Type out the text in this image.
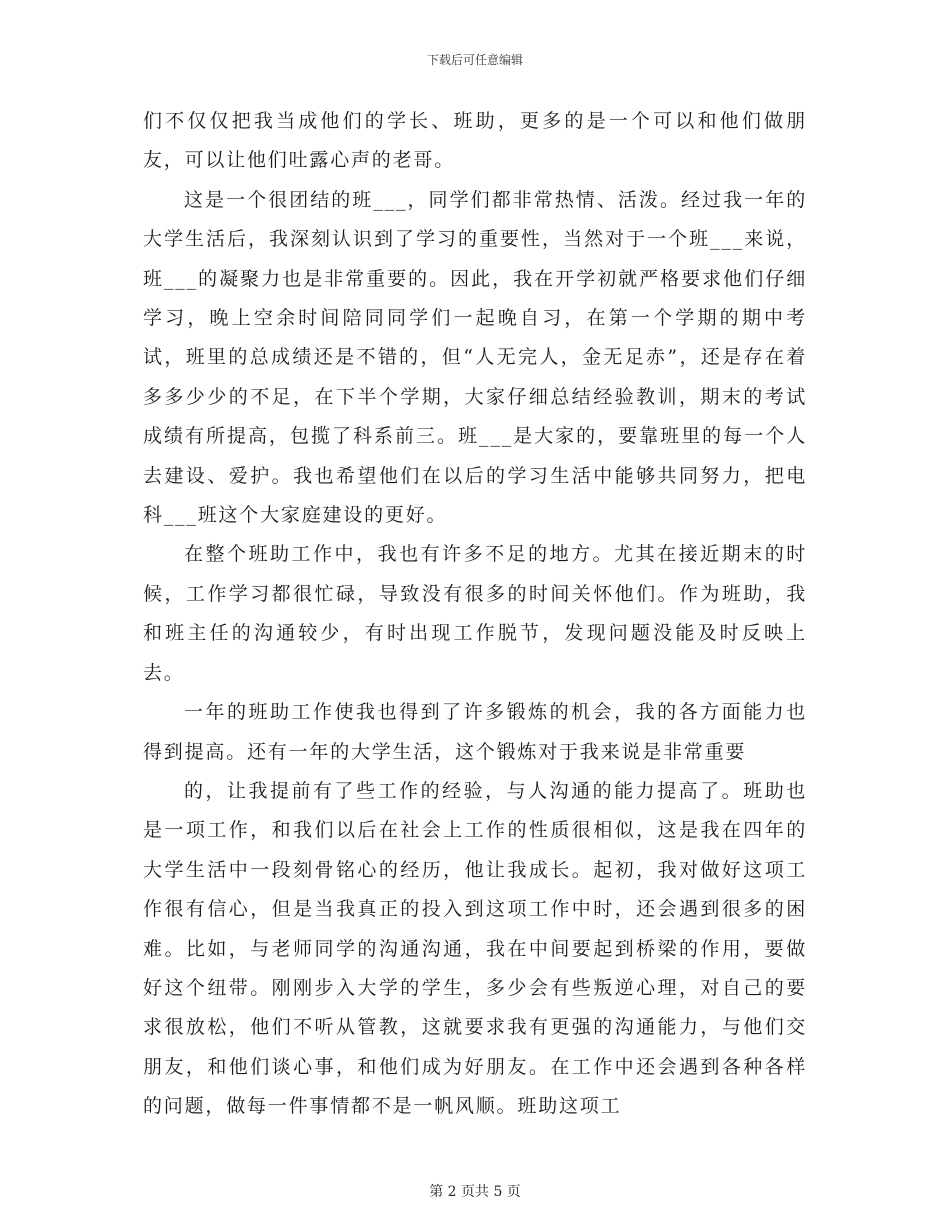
下载后可任意编辑

们不仅仅把我当成他们的学长、班助，更多的是一个可以和他们做朋友，可以让他们吐露心声的老哥。

这是一个很团结的班___，同学们都非常热情、活泼。经过我一年的大学生活后，我深刻认识到了学习的重要性，当然对于一个班___来说，班___的凝聚力也是非常重要的。因此，我在开学初就严格要求他们仔细学习，晚上空余时间陪同同学们一起晚自习，在第一个学期的期中考试，班里的总成绩还是不错的，但“人无完人，金无足赤”，还是存在着多多少少的不足，在下半个学期，大家仔细总结经验教训，期末的考试成绩有所提高，包揽了科系前三。班___是大家的，要靠班里的每一个人去建设、爱护。我也希望他们在以后的学习生活中能够共同努力，把电科___班这个大家庭建设的更好。

在整个班助工作中，我也有许多不足的地方。尤其在接近期末的时候，工作学习都很忙碌，导致没有很多的时间关怀他们。作为班助，我和班主任的沟通较少，有时出现工作脱节，发现问题没能及时反映上去。

一年的班助工作使我也得到了许多锻炼的机会，我的各方面能力也得到提高。还有一年的大学生活，这个锻炼对于我来说是非常重要

的，让我提前有了些工作的经验，与人沟通的能力提高了。班助也是一项工作，和我们以后在社会上工作的性质很相似，这是我在四年的大学生活中一段刻骨铭心的经历，他让我成长。起初，我对做好这项工作很有信心，但是当我真正的投入到这项工作中时，还会遇到很多的困难。比如，与老师同学的沟通沟通，我在中间要起到桥梁的作用，要做好这个纽带。刚刚步入大学的学生，多少会有些叛逆心理，对自己的要求很放松，他们不听从管教，这就要求我有更强的沟通能力，与他们交朋友，和他们谈心事，和他们成为好朋友。在工作中还会遇到各种各样的问题，做每一件事情都不是一帆风顺。班助这项工

第 2 页共 5 页
